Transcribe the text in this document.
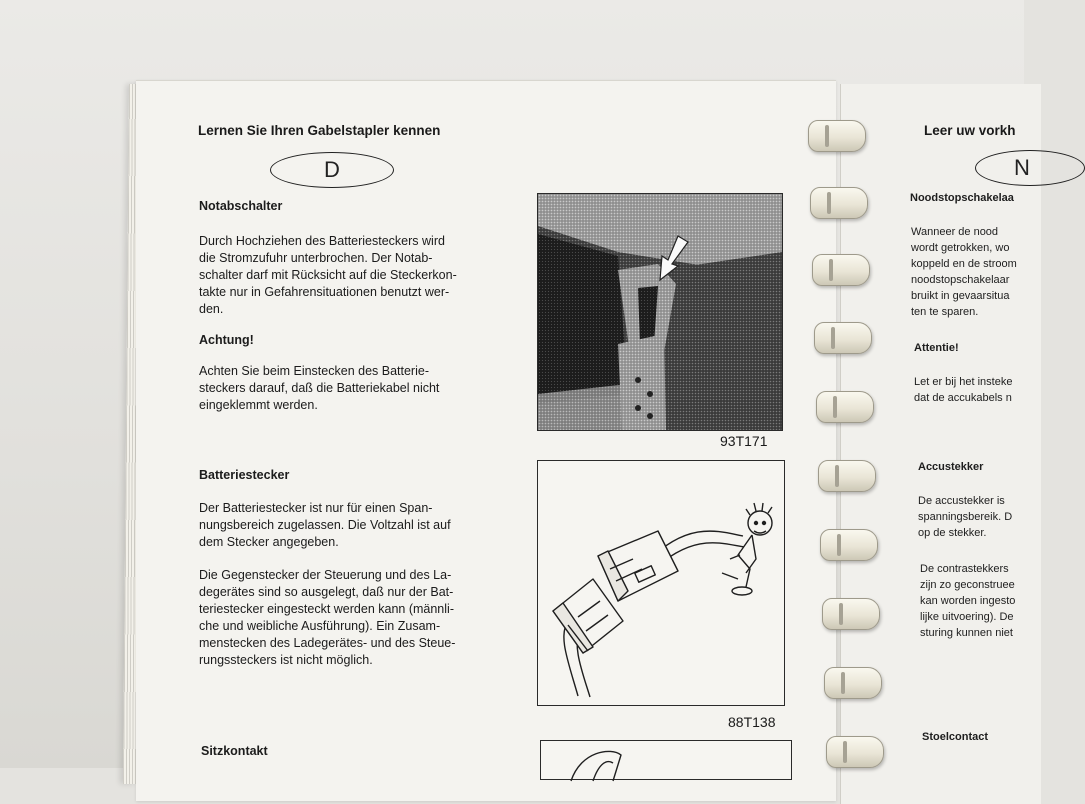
Lernen Sie Ihren Gabelstapler kennen
D
Notabschalter
Durch Hochziehen des Batteriesteckers wird
die Stromzufuhr unterbrochen. Der Notab-
schalter darf mit Rücksicht auf die Steckerkon-
takte nur in Gefahrensituationen benutzt wer-
den.
Achtung!
Achten Sie beim Einstecken des Batterie-
steckers darauf, daß die Batteriekabel nicht
eingeklemmt werden.
Batteriestecker
Der Batteriestecker ist nur für einen Span-
nungsbereich zugelassen. Die Voltzahl ist auf
dem Stecker angegeben.
Die Gegenstecker der Steuerung und des La-
degerätes sind so ausgelegt, daß nur der Bat-
teriestecker eingesteckt werden kann (männli-
che und weibliche Ausführung). Ein Zusam-
menstecken des Ladegerätes- und des Steue-
rungssteckers ist nicht möglich.
Sitzkontakt
93T171
88T138
Leer uw vorkh
N
Noodstopschakelaa
Wanneer de nood
wordt getrokken, wo
koppeld en de stroom
noodstopschakelaar
bruikt in gevaarsitua
ten te sparen.
Attentie!
Let er bij het insteke
dat de accukabels n
Accustekker
De accustekker is
spanningsbereik. D
op de stekker.
De contrastekkers
zijn zo geconstruee
kan worden ingesto
lijke uitvoering). De
sturing kunnen niet
Stoelcontact
